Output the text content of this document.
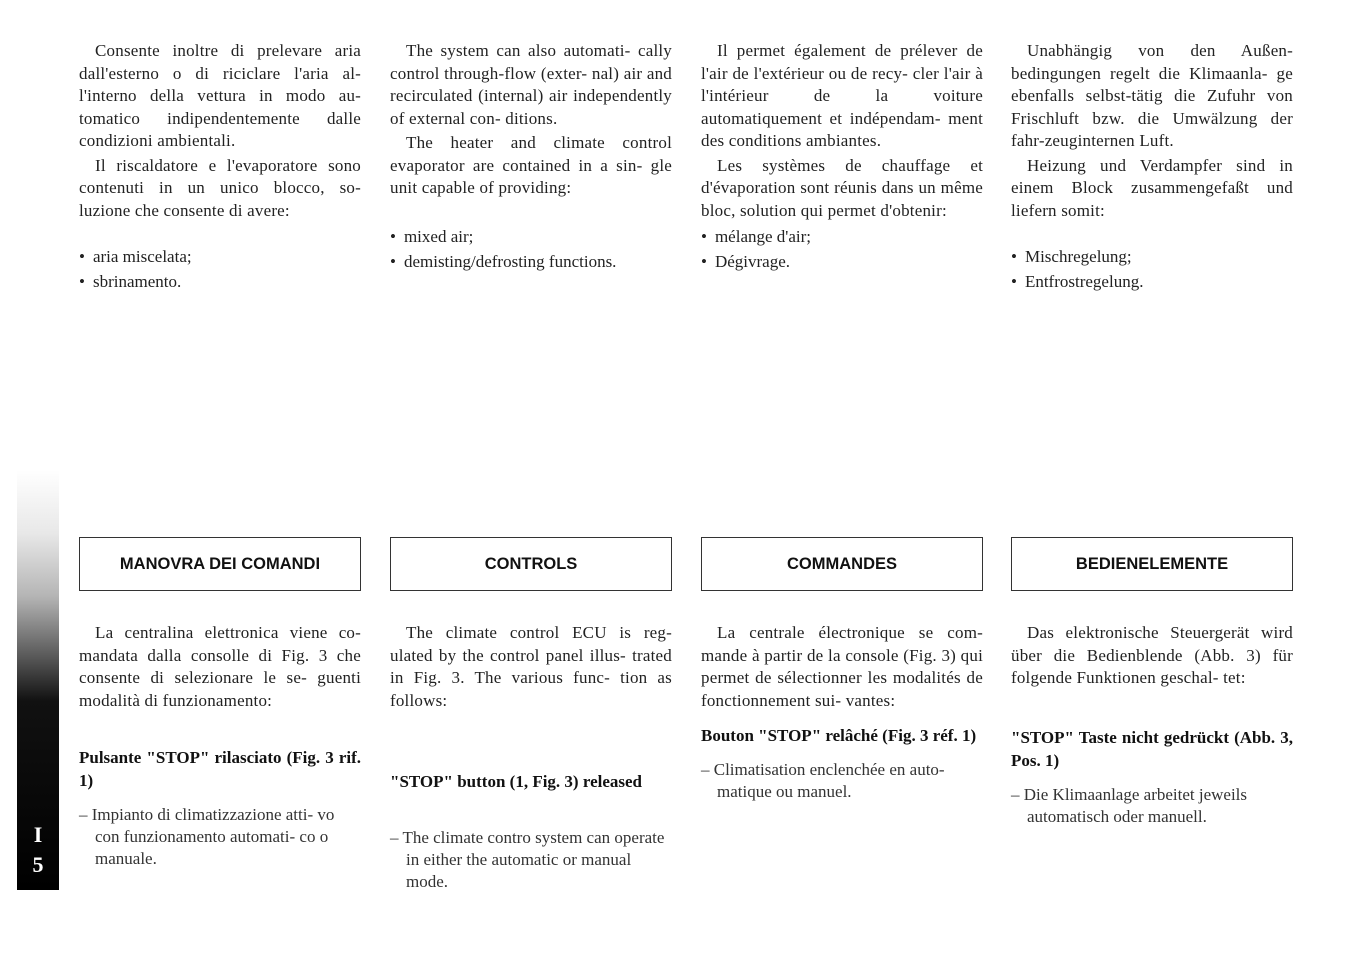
Consente inoltre di prelevare aria dall'esterno o di riciclare l'aria al- l'interno della vettura in modo au- tomatico indipendentemente dalle condizioni ambientali.

Il riscaldatore e l'evaporatore sono contenuti in un unico blocco, so- luzione che consente di avere:

• aria miscelata;
• sbrinamento.

The system can also automati- cally control through-flow (exter- nal) air and recirculated (internal) air independently of external con- ditions.

The heater and climate control evaporator are contained in a sin- gle unit capable of providing:

• mixed air;
• demisting/defrosting functions.

Il permet également de prélever de l'air de l'extérieur ou de recy- cler l'air à l'intérieur de la voiture automatiquement et indépendam- ment des conditions ambiantes.

Les systèmes de chauffage et d'évaporation sont réunis dans un même bloc, solution qui permet d'obtenir:

• mélange d'air;
• Dégivrage.

Unabhängig von den Außen- bedingungen regelt die Klimaanla- ge ebenfalls selbst-tätig die Zufuhr von Frischluft bzw. die Umwälzung der fahr-zeuginternen Luft.

Heizung und Verdampfer sind in einem Block zusammengefaßt und liefern somit:

• Mischregelung;
• Entfrostregelung.
MANOVRA DEI COMANDI	CONTROLS	COMMANDES	BEDIENELEMENTE

La centralina elettronica viene co- mandata dalla consolle di Fig. 3 che consente di selezionare le se- guenti modalità di funzionamento:

Pulsante "STOP" rilasciato (Fig. 3 rif. 1)

– Impianto di climatizzazione atti- vo con funzionamento automati- co o manuale.

The climate control ECU is reg- ulated by the control panel illus- trated in Fig. 3. The various func- tion as follows:

"STOP" button (1, Fig. 3) released

– The climate contro system can operate in either the automatic or manual mode.

La centrale électronique se com- mande à partir de la console (Fig. 3) qui permet de sélectionner les modalités de fonctionnement sui- vantes:

Bouton "STOP" relâché (Fig. 3 réf. 1)

– Climatisation enclenchée en auto- matique ou manuel.

Das elektronische Steuergerät wird über die Bedienblende (Abb. 3) für folgende Funktionen geschal- tet:

"STOP" Taste nicht gedrückt (Abb. 3, Pos. 1)

– Die Klimaanlage arbeitet jeweils automatisch oder manuell.

I
5
